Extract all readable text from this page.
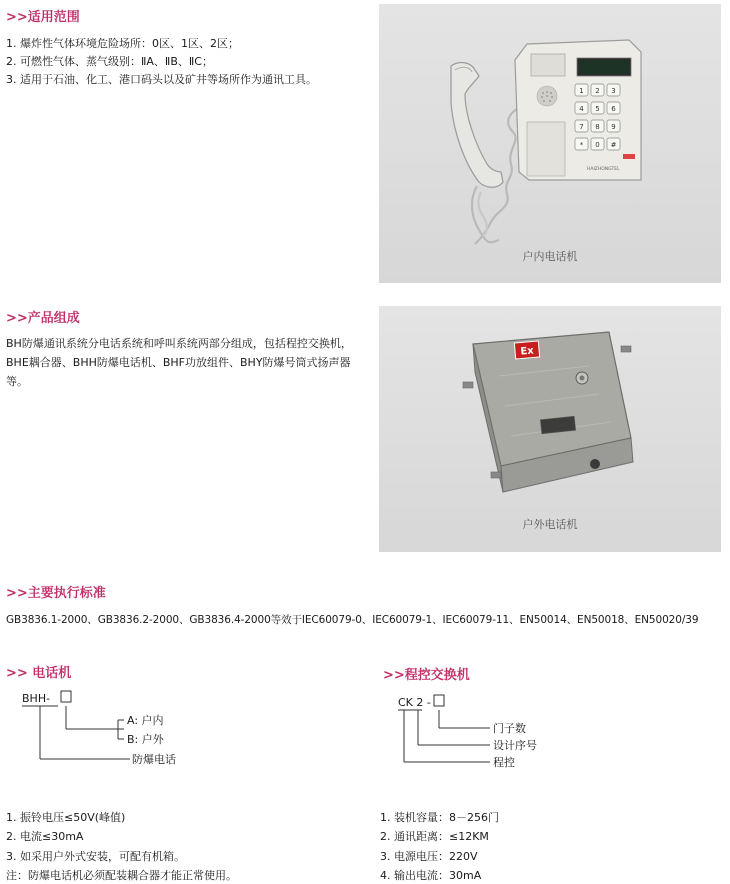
>>适用范围
1. 爆炸性气体环境危险场所：0区、1区、2区；
2. 可燃性气体、蒸气级别：ⅡA、ⅡB、ⅡC；
3. 适用于石油、化工、港口码头以及矿井等场所作为通讯工具。
1 2 3
4 5 6
7 8 9
* 0 #
HAIZHONGTEL
户内电话机
>>产品组成
BH防爆通讯系统分电话系统和呼叫系统两部分组成，包括程控交换机，BHE耦合器、BHH防爆电话机、BHF功放组件、BHY防爆号筒式扬声器等。
Ex
户外电话机
>>主要执行标准
GB3836.1-2000、GB3836.2-2000、GB3836.4-2000等效于IEC60079-0、IEC60079-1、IEC60079-11、EN50014、EN50018、EN50020/39
>> 电话机
BHH-
A: 户内
B: 户外
防爆电话
>>程控交换机
CK 2 -
门子数
设计序号
程控
1. 振铃电压≤50V(峰值)
2. 电流≤30mA
3. 如采用户外式安装，可配有机箱。
注：防爆电话机必须配装耦合器才能正常使用。
1. 装机容量：8－256门
2. 通讯距离：≤12KM
3. 电源电压：220V
4. 输出电流：30mA
